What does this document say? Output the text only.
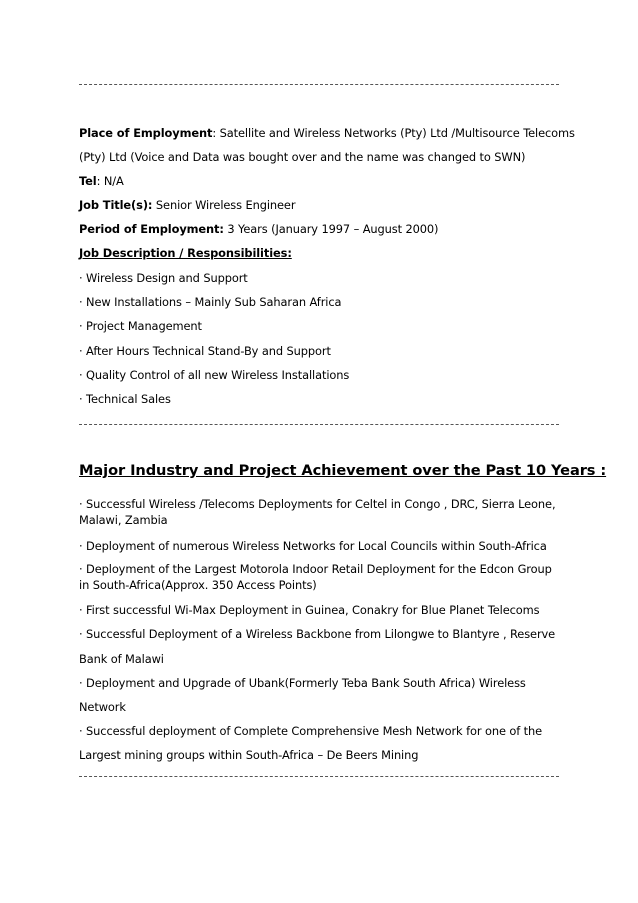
Place of Employment: Satellite and Wireless Networks (Pty) Ltd /Multisource Telecoms
(Pty) Ltd (Voice and Data was bought over and the name was changed to SWN)
Tel: N/A
Job Title(s): Senior Wireless Engineer
Period of Employment: 3 Years (January 1997 – August 2000)
Job Description / Responsibilities:
· Wireless Design and Support
· New Installations – Mainly Sub Saharan Africa
· Project Management
· After Hours Technical Stand-By and Support
· Quality Control of all new Wireless Installations
· Technical Sales
Major Industry and Project Achievement over the Past 10 Years :
· Successful Wireless /Telecoms Deployments for Celtel in Congo , DRC, Sierra Leone, Malawi, Zambia
· Deployment of numerous Wireless Networks for Local Councils within South-Africa
· Deployment of the Largest Motorola Indoor Retail Deployment for the Edcon Group in South-Africa(Approx. 350 Access Points)
· First successful Wi-Max Deployment in Guinea, Conakry for Blue Planet Telecoms
· Successful Deployment of a Wireless Backbone from Lilongwe to Blantyre , Reserve
Bank of Malawi
· Deployment and Upgrade of Ubank(Formerly Teba Bank South Africa) Wireless
Network
· Successful deployment of Complete Comprehensive Mesh Network for one of the
Largest mining groups within South-Africa – De Beers Mining
